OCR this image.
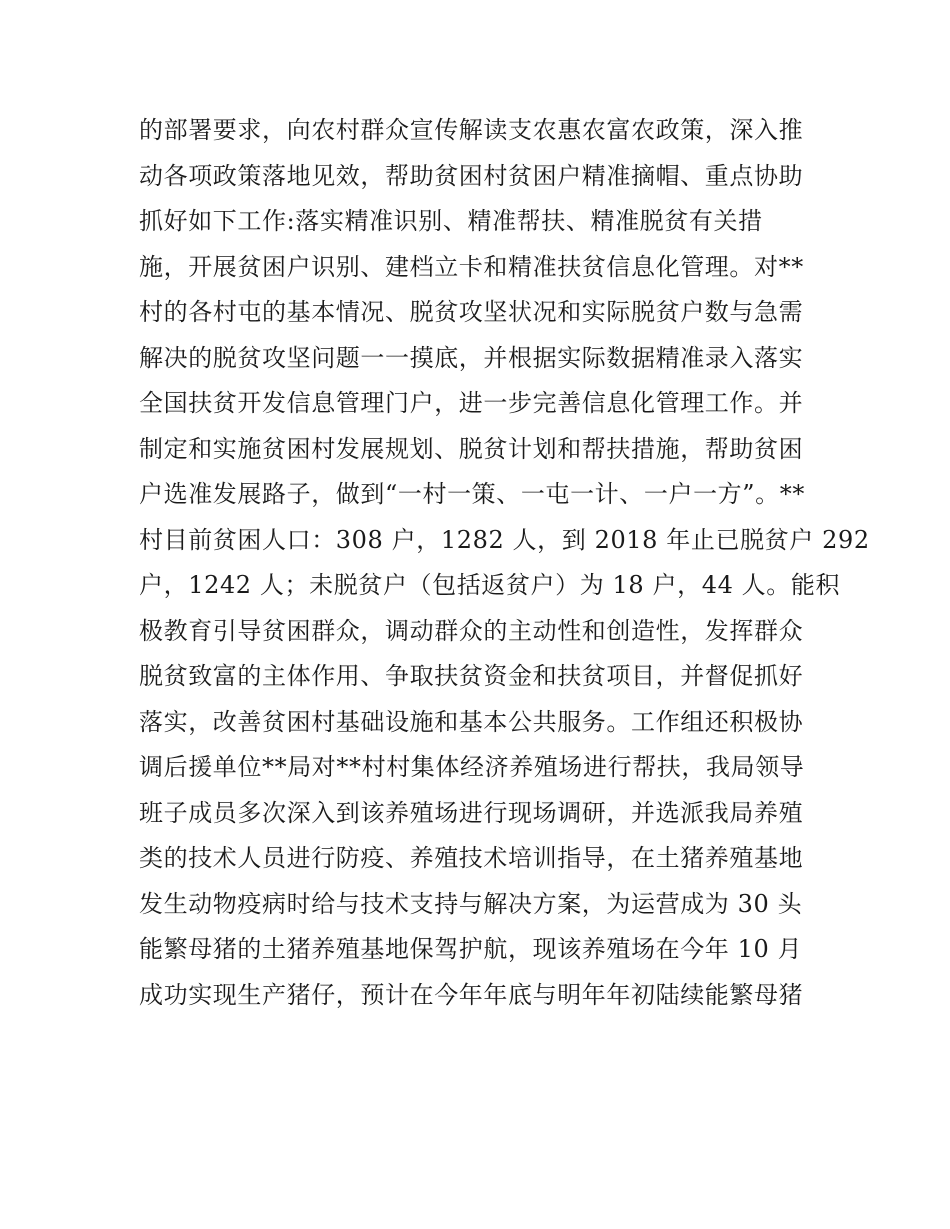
的部署要求，向农村群众宣传解读支农惠农富农政策，深入推
动各项政策落地见效，帮助贫困村贫困户精准摘帽、重点协助
抓好如下工作:落实精准识别、精准帮扶、精准脱贫有关措
施，开展贫困户识别、建档立卡和精准扶贫信息化管理。对**
村的各村屯的基本情况、脱贫攻坚状况和实际脱贫户数与急需
解决的脱贫攻坚问题一一摸底，并根据实际数据精准录入落实
全国扶贫开发信息管理门户，进一步完善信息化管理工作。并
制定和实施贫困村发展规划、脱贫计划和帮扶措施，帮助贫困
户选准发展路子，做到“一村一策、一屯一计、一户一方”。**
村目前贫困人口：308 户，1282 人，到 2018 年止已脱贫户 292
户，1242 人；未脱贫户（包括返贫户）为 18 户，44 人。能积
极教育引导贫困群众，调动群众的主动性和创造性，发挥群众
脱贫致富的主体作用、争取扶贫资金和扶贫项目，并督促抓好
落实，改善贫困村基础设施和基本公共服务。工作组还积极协
调后援单位**局对**村村集体经济养殖场进行帮扶，我局领导
班子成员多次深入到该养殖场进行现场调研，并选派我局养殖
类的技术人员进行防疫、养殖技术培训指导，在土猪养殖基地
发生动物疫病时给与技术支持与解决方案，为运营成为 30 头
能繁母猪的土猪养殖基地保驾护航，现该养殖场在今年 10 月
成功实现生产猪仔，预计在今年年底与明年年初陆续能繁母猪
